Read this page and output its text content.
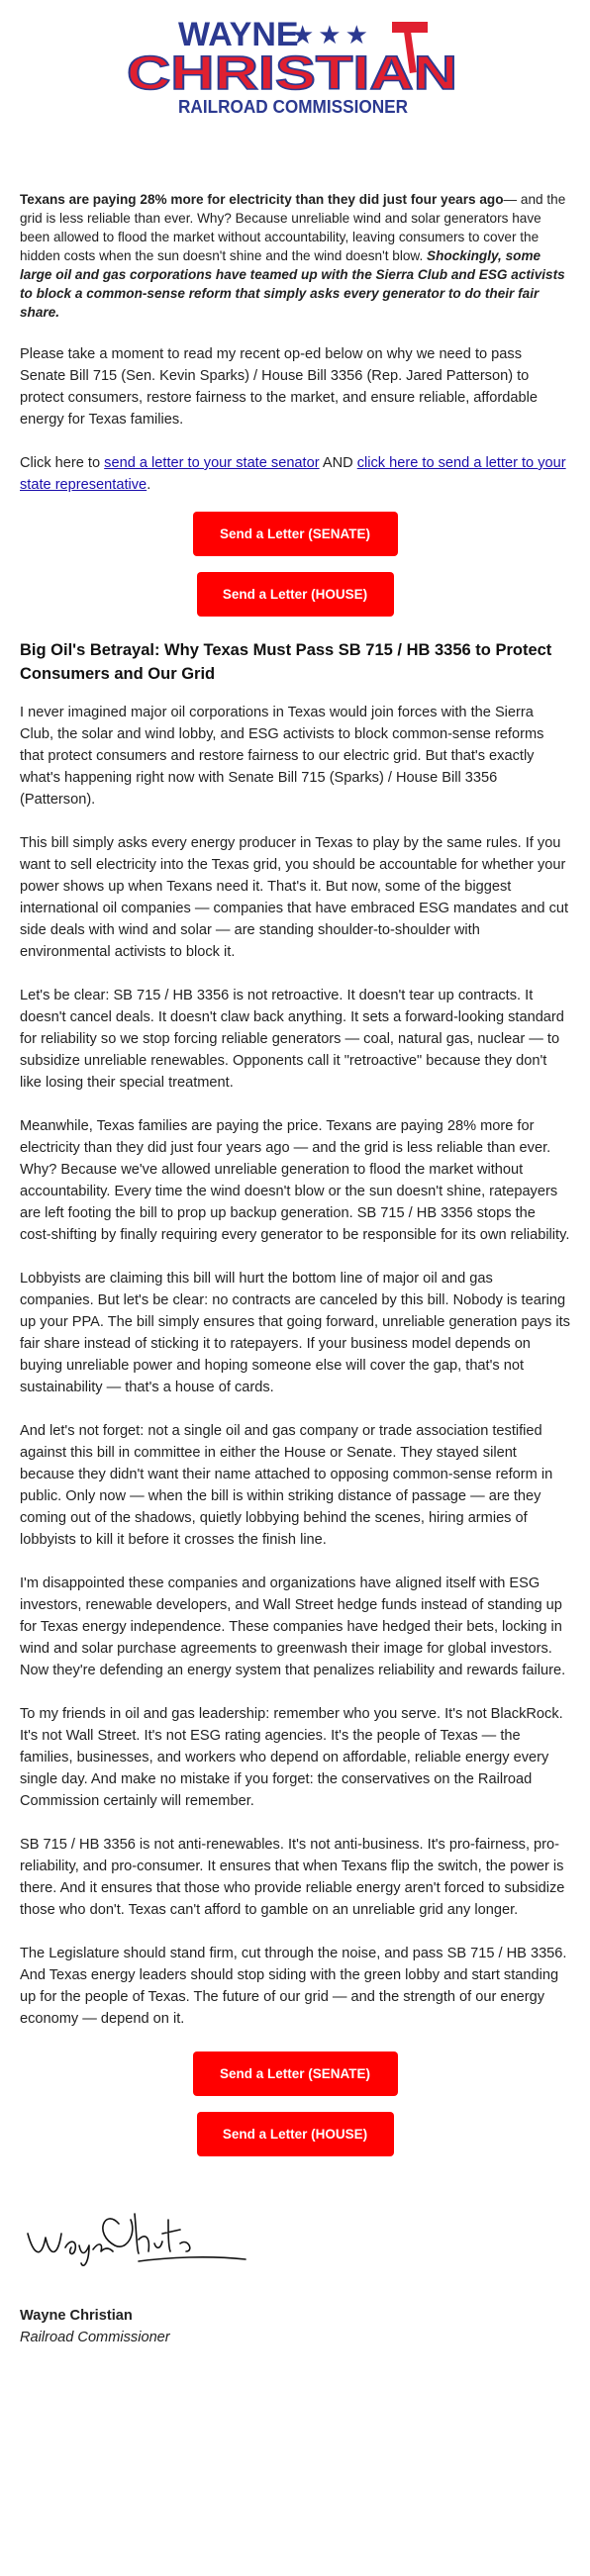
WAYNE
★★★
CHRISTIAN
RAILROAD COMMISSIONER

Texans are paying 28% more for electricity than they did just four years ago— and the grid is less reliable than ever. Why? Because unreliable wind and solar generators have been allowed to flood the market without accountability, leaving consumers to cover the hidden costs when the sun doesn't shine and the wind doesn't blow. Shockingly, some large oil and gas corporations have teamed up with the Sierra Club and ESG activists to block a common-sense reform that simply asks every generator to do their fair share.

Please take a moment to read my recent op-ed below on why we need to pass Senate Bill 715 (Sen. Kevin Sparks) / House Bill 3356 (Rep. Jared Patterson) to protect consumers, restore fairness to the market, and ensure reliable, affordable energy for Texas families.

Click here to send a letter to your state senator AND click here to send a letter to your state representative.

Send a Letter (SENATE)
Send a Letter (HOUSE)
Big Oil's Betrayal: Why Texas Must Pass SB 715 / HB 3356 to Protect Consumers and Our Grid

I never imagined major oil corporations in Texas would join forces with the Sierra Club, the solar and wind lobby, and ESG activists to block common-sense reforms that protect consumers and restore fairness to our electric grid. But that's exactly what's happening right now with Senate Bill 715 (Sparks) / House Bill 3356 (Patterson).

This bill simply asks every energy producer in Texas to play by the same rules. If you want to sell electricity into the Texas grid, you should be accountable for whether your power shows up when Texans need it. That's it. But now, some of the biggest international oil companies — companies that have embraced ESG mandates and cut side deals with wind and solar — are standing shoulder-to-shoulder with environmental activists to block it.

Let's be clear: SB 715 / HB 3356 is not retroactive. It doesn't tear up contracts. It doesn't cancel deals. It doesn't claw back anything. It sets a forward-looking standard for reliability so we stop forcing reliable generators — coal, natural gas, nuclear — to subsidize unreliable renewables. Opponents call it "retroactive" because they don't like losing their special treatment.

Meanwhile, Texas families are paying the price. Texans are paying 28% more for electricity than they did just four years ago — and the grid is less reliable than ever. Why? Because we've allowed unreliable generation to flood the market without accountability. Every time the wind doesn't blow or the sun doesn't shine, ratepayers are left footing the bill to prop up backup generation. SB 715 / HB 3356 stops the cost-shifting by finally requiring every generator to be responsible for its own reliability.

Lobbyists are claiming this bill will hurt the bottom line of major oil and gas companies. But let's be clear: no contracts are canceled by this bill. Nobody is tearing up your PPA. The bill simply ensures that going forward, unreliable generation pays its fair share instead of sticking it to ratepayers. If your business model depends on buying unreliable power and hoping someone else will cover the gap, that's not sustainability — that's a house of cards.

And let's not forget: not a single oil and gas company or trade association testified against this bill in committee in either the House or Senate. They stayed silent because they didn't want their name attached to opposing common-sense reform in public. Only now — when the bill is within striking distance of passage — are they coming out of the shadows, quietly lobbying behind the scenes, hiring armies of lobbyists to kill it before it crosses the finish line.

I'm disappointed these companies and organizations have aligned itself with ESG investors, renewable developers, and Wall Street hedge funds instead of standing up for Texas energy independence. These companies have hedged their bets, locking in wind and solar purchase agreements to greenwash their image for global investors. Now they're defending an energy system that penalizes reliability and rewards failure.

To my friends in oil and gas leadership: remember who you serve. It's not BlackRock. It's not Wall Street. It's not ESG rating agencies. It's the people of Texas — the families, businesses, and workers who depend on affordable, reliable energy every single day. And make no mistake if you forget: the conservatives on the Railroad Commission certainly will remember.

SB 715 / HB 3356 is not anti-renewables. It's not anti-business. It's pro-fairness, pro-reliability, and pro-consumer. It ensures that when Texans flip the switch, the power is there. And it ensures that those who provide reliable energy aren't forced to subsidize those who don't. Texas can't afford to gamble on an unreliable grid any longer.

The Legislature should stand firm, cut through the noise, and pass SB 715 / HB 3356. And Texas energy leaders should stop siding with the green lobby and start standing up for the people of Texas. The future of our grid — and the strength of our energy economy — depend on it.

Send a Letter (SENATE)
Send a Letter (HOUSE)
Wayne Christian
Railroad Commissioner
